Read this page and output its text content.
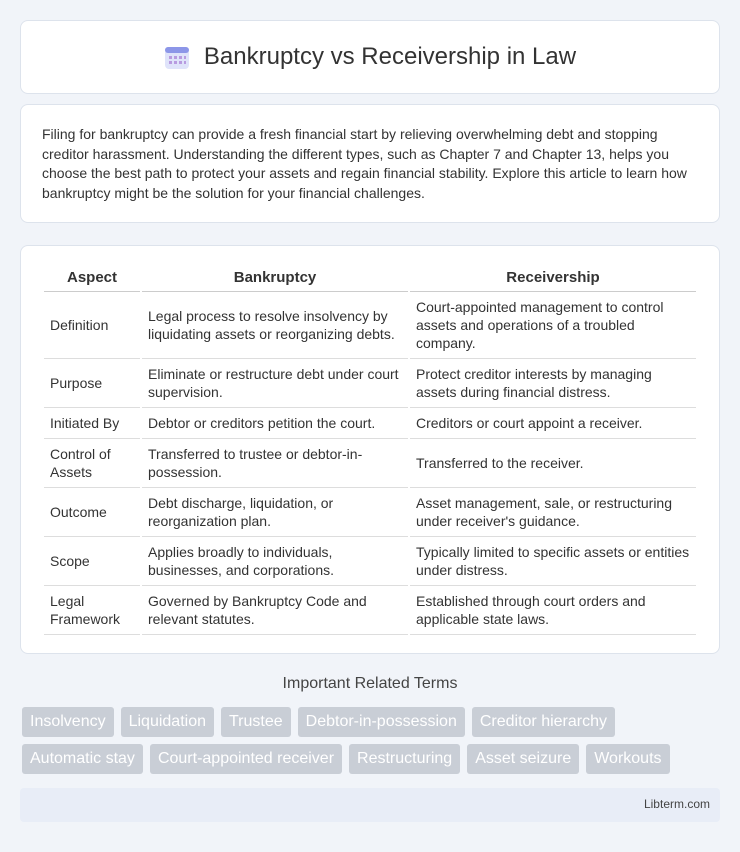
Bankruptcy vs Receivership in Law

Filing for bankruptcy can provide a fresh financial start by relieving overwhelming debt and stopping creditor harassment. Understanding the different types, such as Chapter 7 and Chapter 13, helps you choose the best path to protect your assets and regain financial stability. Explore this article to learn how bankruptcy might be the solution for your financial challenges.

Aspect	Bankruptcy	Receivership
Definition	Legal process to resolve insolvency by liquidating assets or reorganizing debts.	Court-appointed management to control assets and operations of a troubled company.
Purpose	Eliminate or restructure debt under court supervision.	Protect creditor interests by managing assets during financial distress.
Initiated By	Debtor or creditors petition the court.	Creditors or court appoint a receiver.
Control of Assets	Transferred to trustee or debtor-in-possession.	Transferred to the receiver.
Outcome	Debt discharge, liquidation, or reorganization plan.	Asset management, sale, or restructuring under receiver's guidance.
Scope	Applies broadly to individuals, businesses, and corporations.	Typically limited to specific assets or entities under distress.
Legal Framework	Governed by Bankruptcy Code and relevant statutes.	Established through court orders and applicable state laws.
Important Related Terms
Insolvency	Liquidation	Trustee	Debtor-in-possession	Creditor hierarchy
Automatic stay	Court-appointed receiver	Restructuring	Asset seizure	Workouts
Libterm.com
